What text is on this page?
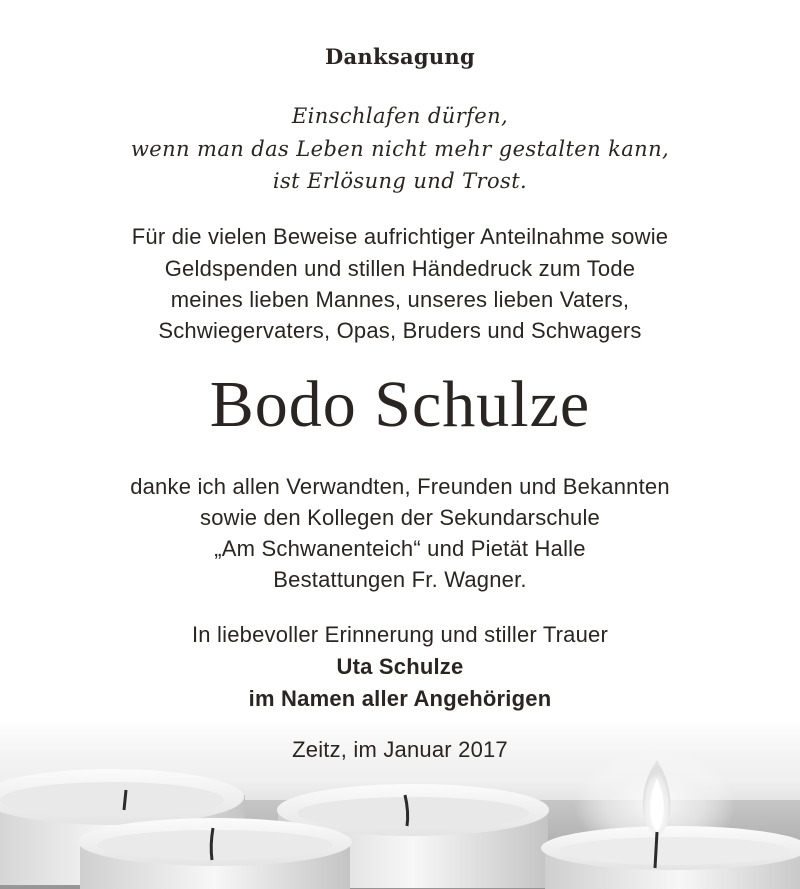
Danksagung
Einschlafen dürfen,
wenn man das Leben nicht mehr gestalten kann,
ist Erlösung und Trost.
Für die vielen Beweise aufrichtiger Anteilnahme sowie
Geldspenden und stillen Händedruck zum Tode
meines lieben Mannes, unseres lieben Vaters,
Schwiegervaters, Opas, Bruders und Schwagers
Bodo Schulze
danke ich allen Verwandten, Freunden und Bekannten
sowie den Kollegen der Sekundarschule
„Am Schwanenteich“ und Pietät Halle
Bestattungen Fr. Wagner.
In liebevoller Erinnerung und stiller Trauer
Uta Schulze
im Namen aller Angehörigen
Zeitz, im Januar 2017
